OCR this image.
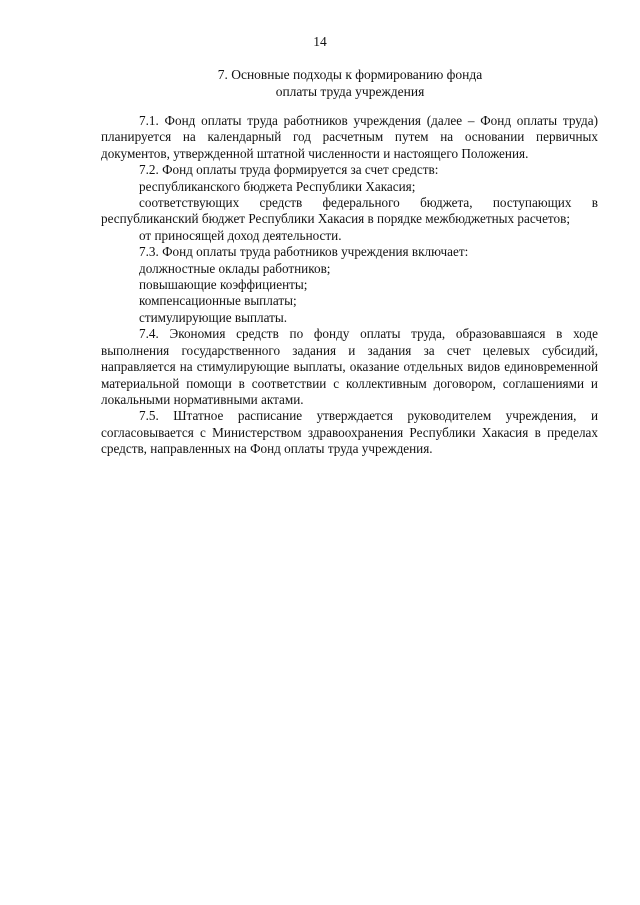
14
7. Основные подходы к формированию фонда
оплаты труда учреждения

7.1. Фонд оплаты труда работников учреждения (далее – Фонд оплаты труда) планируется на календарный год расчетным путем на основании первичных документов, утвержденной штатной численности и настоящего Положения.

7.2. Фонд оплаты труда формируется за счет средств:

республиканского бюджета Республики Хакасия;

соответствующих средств федерального бюджета, поступающих в

республиканский бюджет Республики Хакасия в порядке межбюджетных расчетов;

от приносящей доход деятельности.

7.3. Фонд оплаты труда работников учреждения включает:

должностные оклады работников;

повышающие коэффициенты;

компенсационные выплаты;

стимулирующие выплаты.

7.4. Экономия средств по фонду оплаты труда, образовавшаяся в ходе выполнения государственного задания и задания за счет целевых субсидий, направляется на стимулирующие выплаты, оказание отдельных видов единовременной материальной помощи в соответствии с коллективным договором, соглашениями и локальными нормативными актами.

7.5. Штатное расписание утверждается руководителем учреждения, и согласовывается с Министерством здравоохранения Республики Хакасия в пределах средств, направленных на Фонд оплаты труда учреждения.
